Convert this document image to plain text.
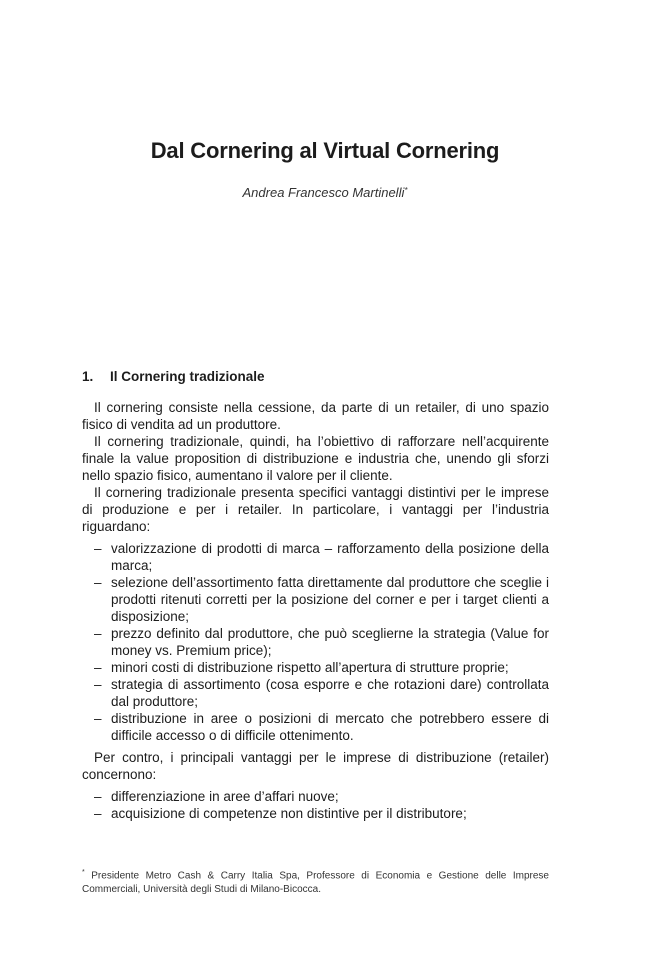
Dal Cornering al Virtual Cornering
Andrea Francesco Martinelli*
1. Il Cornering tradizionale

Il cornering consiste nella cessione, da parte di un retailer, di uno spazio fisico di vendita ad un produttore.

Il cornering tradizionale, quindi, ha l’obiettivo di rafforzare nell’acquirente finale la value proposition di distribuzione e industria che, unendo gli sforzi nello spazio fisico, aumentano il valore per il cliente.

Il cornering tradizionale presenta specifici vantaggi distintivi per le imprese di produzione e per i retailer. In particolare, i vantaggi per l’industria riguardano:

– valorizzazione di prodotti di marca – rafforzamento della posizione della marca;
– selezione dell’assortimento fatta direttamente dal produttore che sceglie i prodotti ritenuti corretti per la posizione del corner e per i target clienti a disposizione;
– prezzo definito dal produttore, che può sceglierne la strategia (Value for money vs. Premium price);
– minori costi di distribuzione rispetto all’apertura di strutture proprie;
– strategia di assortimento (cosa esporre e che rotazioni dare) controllata dal produttore;
– distribuzione in aree o posizioni di mercato che potrebbero essere di difficile accesso o di difficile ottenimento.

Per contro, i principali vantaggi per le imprese di distribuzione (retailer) concernono:

– differenziazione in aree d’affari nuove;
– acquisizione di competenze non distintive per il distributore;

* Presidente Metro Cash & Carry Italia Spa, Professore di Economia e Gestione delle Imprese Commerciali, Università degli Studi di Milano-Bicocca.
